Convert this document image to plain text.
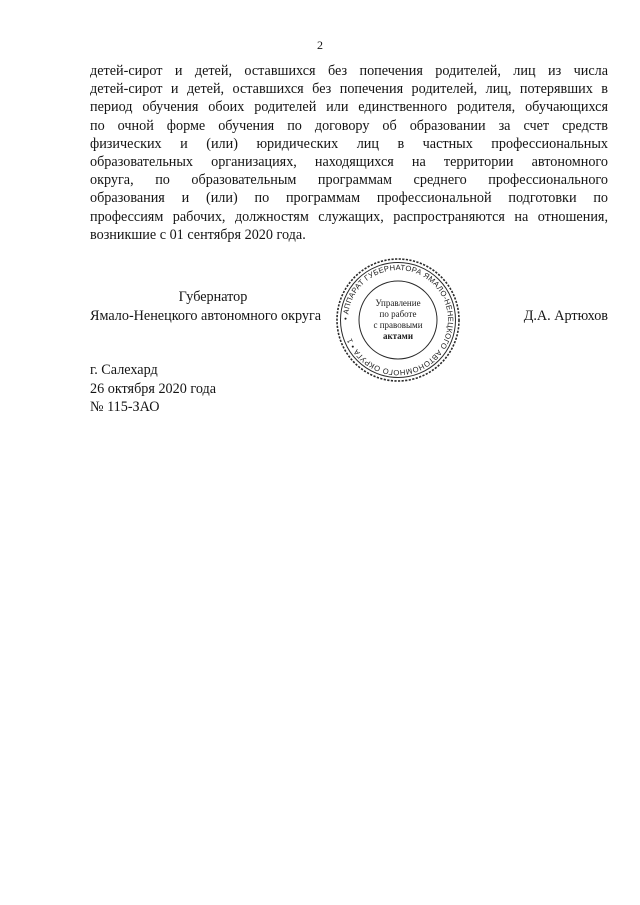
2
детей-сирот и детей, оставшихся без попечения родителей, лиц из числа
детей-сирот и детей, оставшихся без попечения родителей, лиц, потерявших в
период обучения обоих родителей или единственного родителя, обучающихся
по очной форме обучения по договору об образовании за счет средств
физических и (или) юридических лиц в частных профессиональных
образовательных организациях, находящихся на территории автономного
округа, по образовательным программам среднего профессионального
образования и (или) по программам профессиональной подготовки по
профессиям рабочих, должностям служащих, распространяются на отношения,
возникшие с 01 сентября 2020 года.
Губернатор
Ямало-Ненецкого автономного округа	Д.А. Артюхов
• АППАРАТ ГУБЕРНАТОРА ЯМАЛО-НЕНЕЦКОГО АВТОНОМНОГО ОКРУГА • 1
Управление
по работе
с правовыми
актами
г. Салехард
26 октября 2020 года
№ 115-ЗАО
